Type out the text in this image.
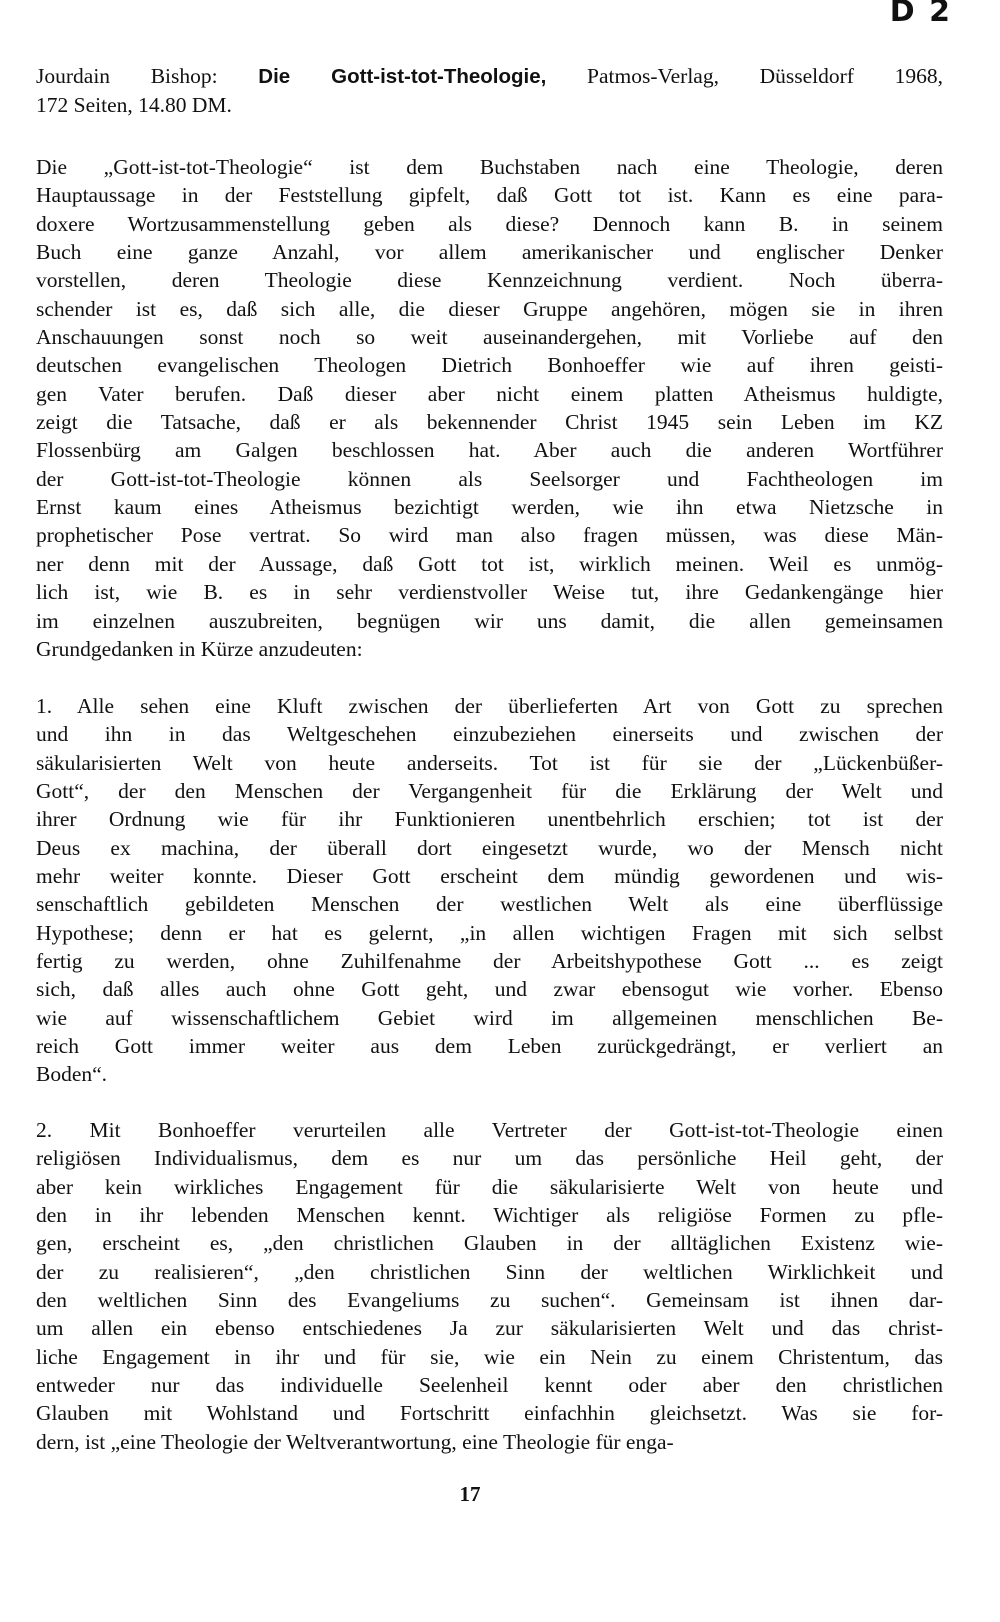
D 2
Jourdain Bishop: Die Gott-ist-tot-Theologie, Patmos-Verlag, Düsseldorf 1968,
172 Seiten, 14.80 DM.
Die „Gott-ist-tot-Theologie“ ist dem Buchstaben nach eine Theologie, deren
Hauptaussage in der Feststellung gipfelt, daß Gott tot ist. Kann es eine para-
doxere Wortzusammenstellung geben als diese? Dennoch kann B. in seinem
Buch eine ganze Anzahl, vor allem amerikanischer und englischer Denker
vorstellen, deren Theologie diese Kennzeichnung verdient. Noch überra-
schender ist es, daß sich alle, die dieser Gruppe angehören, mögen sie in ihren
Anschauungen sonst noch so weit auseinandergehen, mit Vorliebe auf den
deutschen evangelischen Theologen Dietrich Bonhoeffer wie auf ihren geisti-
gen Vater berufen. Daß dieser aber nicht einem platten Atheismus huldigte,
zeigt die Tatsache, daß er als bekennender Christ 1945 sein Leben im KZ
Flossenbürg am Galgen beschlossen hat. Aber auch die anderen Wortführer
der Gott-ist-tot-Theologie können als Seelsorger und Fachtheologen im
Ernst kaum eines Atheismus bezichtigt werden, wie ihn etwa Nietzsche in
prophetischer Pose vertrat. So wird man also fragen müssen, was diese Män-
ner denn mit der Aussage, daß Gott tot ist, wirklich meinen. Weil es unmög-
lich ist, wie B. es in sehr verdienstvoller Weise tut, ihre Gedankengänge hier
im einzelnen auszubreiten, begnügen wir uns damit, die allen gemeinsamen
Grundgedanken in Kürze anzudeuten:
1. Alle sehen eine Kluft zwischen der überlieferten Art von Gott zu sprechen
und ihn in das Weltgeschehen einzubeziehen einerseits und zwischen der
säkularisierten Welt von heute anderseits. Tot ist für sie der „Lückenbüßer-
Gott“, der den Menschen der Vergangenheit für die Erklärung der Welt und
ihrer Ordnung wie für ihr Funktionieren unentbehrlich erschien; tot ist der
Deus ex machina, der überall dort eingesetzt wurde, wo der Mensch nicht
mehr weiter konnte. Dieser Gott erscheint dem mündig gewordenen und wis-
senschaftlich gebildeten Menschen der westlichen Welt als eine überflüssige
Hypothese; denn er hat es gelernt, „in allen wichtigen Fragen mit sich selbst
fertig zu werden, ohne Zuhilfenahme der Arbeitshypothese Gott ... es zeigt
sich, daß alles auch ohne Gott geht, und zwar ebensogut wie vorher. Ebenso
wie auf wissenschaftlichem Gebiet wird im allgemeinen menschlichen Be-
reich Gott immer weiter aus dem Leben zurückgedrängt, er verliert an
Boden“.
2. Mit Bonhoeffer verurteilen alle Vertreter der Gott-ist-tot-Theologie einen
religiösen Individualismus, dem es nur um das persönliche Heil geht, der
aber kein wirkliches Engagement für die säkularisierte Welt von heute und
den in ihr lebenden Menschen kennt. Wichtiger als religiöse Formen zu pfle-
gen, erscheint es, „den christlichen Glauben in der alltäglichen Existenz wie-
der zu realisieren“, „den christlichen Sinn der weltlichen Wirklichkeit und
den weltlichen Sinn des Evangeliums zu suchen“. Gemeinsam ist ihnen dar-
um allen ein ebenso entschiedenes Ja zur säkularisierten Welt und das christ-
liche Engagement in ihr und für sie, wie ein Nein zu einem Christentum, das
entweder nur das individuelle Seelenheil kennt oder aber den christlichen
Glauben mit Wohlstand und Fortschritt einfachhin gleichsetzt. Was sie for-
dern, ist „eine Theologie der Weltverantwortung, eine Theologie für enga-
17
